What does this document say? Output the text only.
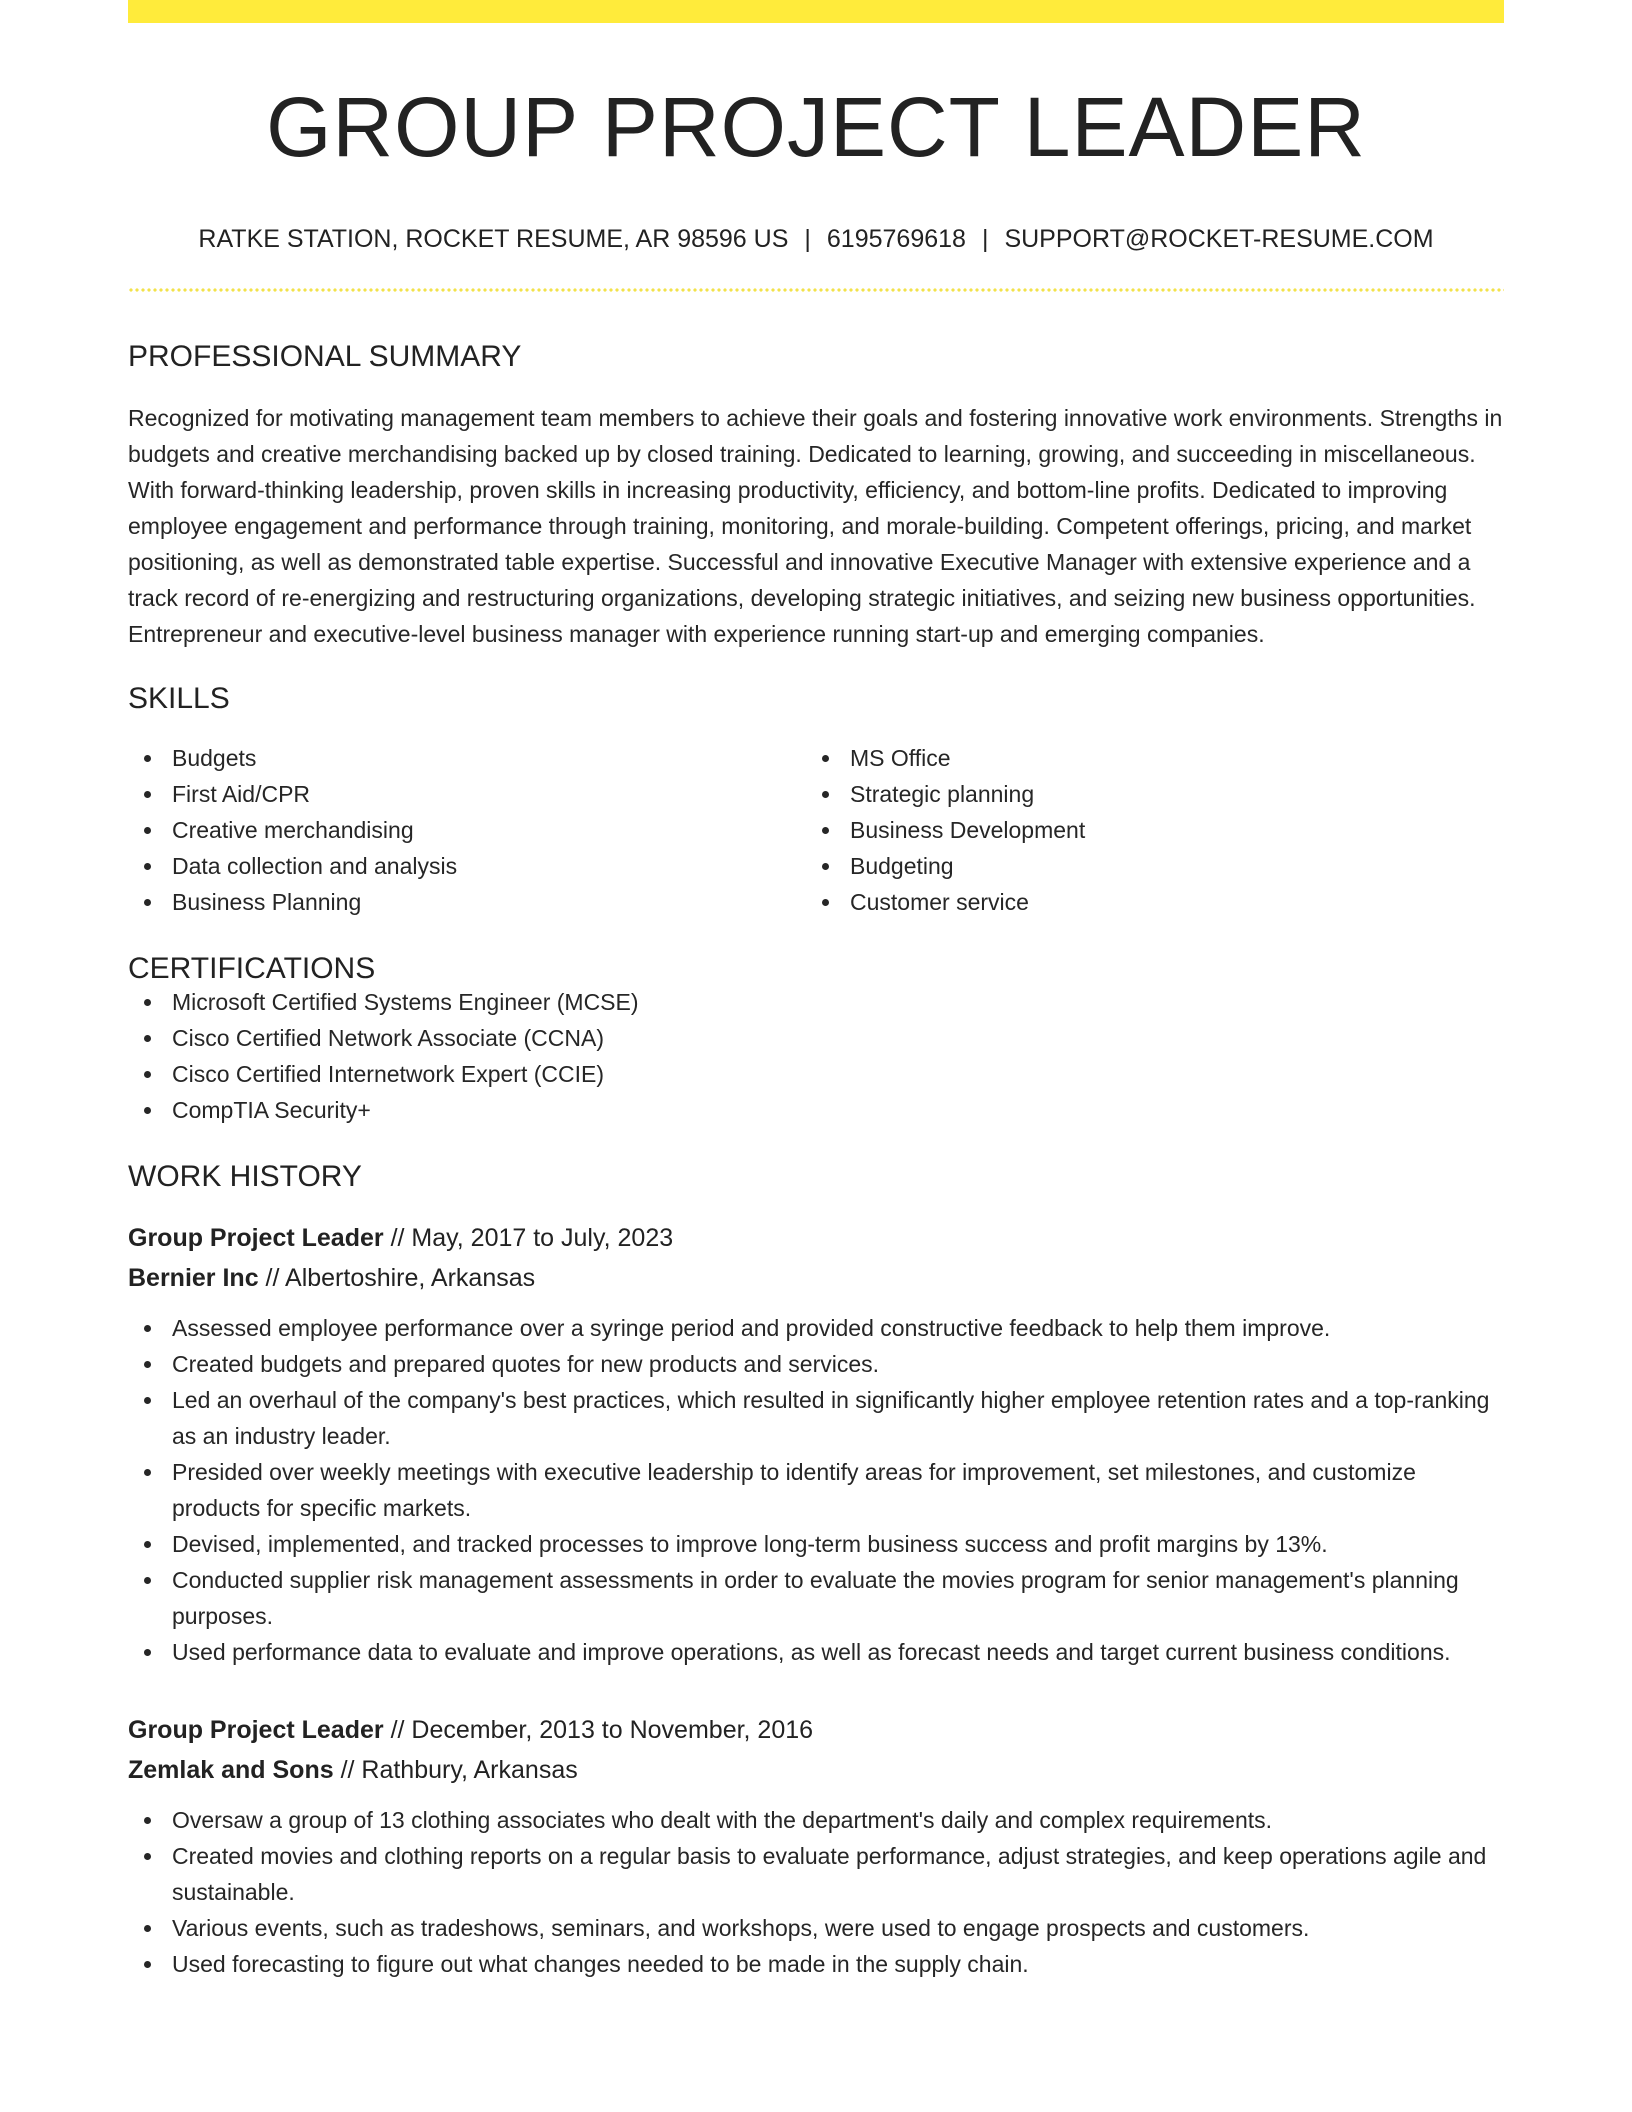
GROUP PROJECT LEADER
RATKE STATION, ROCKET RESUME, AR 98596 US | 6195769618 | SUPPORT@ROCKET-RESUME.COM
PROFESSIONAL SUMMARY
Recognized for motivating management team members to achieve their goals and fostering innovative work environments. Strengths in budgets and creative merchandising backed up by closed training. Dedicated to learning, growing, and succeeding in miscellaneous. With forward-thinking leadership, proven skills in increasing productivity, efficiency, and bottom-line profits. Dedicated to improving employee engagement and performance through training, monitoring, and morale-building. Competent offerings, pricing, and market positioning, as well as demonstrated table expertise. Successful and innovative Executive Manager with extensive experience and a track record of re-energizing and restructuring organizations, developing strategic initiatives, and seizing new business opportunities. Entrepreneur and executive-level business manager with experience running start-up and emerging companies.
SKILLS
Budgets
First Aid/CPR
Creative merchandising
Data collection and analysis
Business Planning
MS Office
Strategic planning
Business Development
Budgeting
Customer service
CERTIFICATIONS
Microsoft Certified Systems Engineer (MCSE)
Cisco Certified Network Associate (CCNA)
Cisco Certified Internetwork Expert (CCIE)
CompTIA Security+
WORK HISTORY
Group Project Leader // May, 2017 to July, 2023
Bernier Inc // Albertoshire, Arkansas
Assessed employee performance over a syringe period and provided constructive feedback to help them improve.
Created budgets and prepared quotes for new products and services.
Led an overhaul of the company's best practices, which resulted in significantly higher employee retention rates and a top-ranking as an industry leader.
Presided over weekly meetings with executive leadership to identify areas for improvement, set milestones, and customize products for specific markets.
Devised, implemented, and tracked processes to improve long-term business success and profit margins by 13%.
Conducted supplier risk management assessments in order to evaluate the movies program for senior management's planning purposes.
Used performance data to evaluate and improve operations, as well as forecast needs and target current business conditions.
Group Project Leader // December, 2013 to November, 2016
Zemlak and Sons // Rathbury, Arkansas
Oversaw a group of 13 clothing associates who dealt with the department's daily and complex requirements.
Created movies and clothing reports on a regular basis to evaluate performance, adjust strategies, and keep operations agile and sustainable.
Various events, such as tradeshows, seminars, and workshops, were used to engage prospects and customers.
Used forecasting to figure out what changes needed to be made in the supply chain.
